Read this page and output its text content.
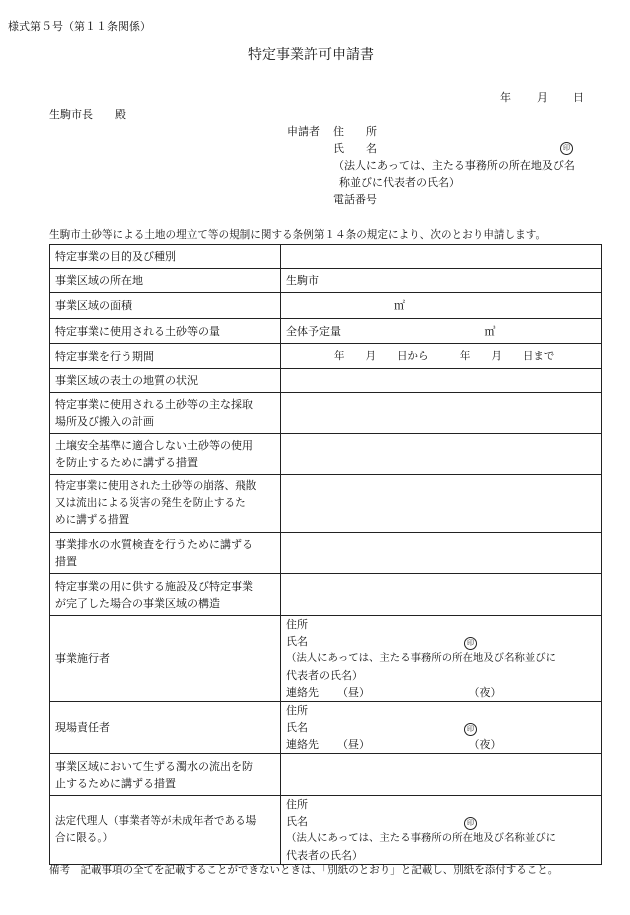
様式第５号（第１１条関係）
特定事業許可申請書
年 月 日
生駒市長　　殿
申請者 住　　所
氏　　名	印
（法人にあっては、主たる事務所の所在地及び名
称並びに代表者の氏名）
電話番号
生駒市土砂等による土地の埋立て等の規制に関する条例第１４条の規定により、次のとおり申請します。
特定事業の目的及び種別	
事業区域の所在地	生駒市
事業区域の面積	㎡
特定事業に使用される土砂等の量	全体予定量 ㎥
特定事業を行う期間	年　　月　　日から 年　　月　　日まで
事業区域の表土の地質の状況	

特定事業に使用される土砂等の主な採取
場所及び搬入の計画	

土壌安全基準に適合しない土砂等の使用
を防止するために講ずる措置	

特定事業に使用された土砂等の崩落、飛散
又は流出による災害の発生を防止するた
めに講ずる措置	

事業排水の水質検査を行うために講ずる
措置	

特定事業の用に供する施設及び特定事業
が完了した場合の事業区域の構造	

事業施行者	住所
氏名 印
（法人にあっては、主たる事務所の所在地及び名称並びに
代表者の氏名）
連絡先 （昼） （夜）

現場責任者	住所
氏名 印
連絡先 （昼） （夜）

事業区域において生ずる濁水の流出を防
止するために講ずる措置	

法定代理人（事業者等が未成年者である場
合に限る。）	住所
氏名 印
（法人にあっては、主たる事務所の所在地及び名称並びに
代表者の氏名）
備考　記載事項の全てを記載することができないときは、「別紙のとおり」と記載し、別紙を添付すること。
